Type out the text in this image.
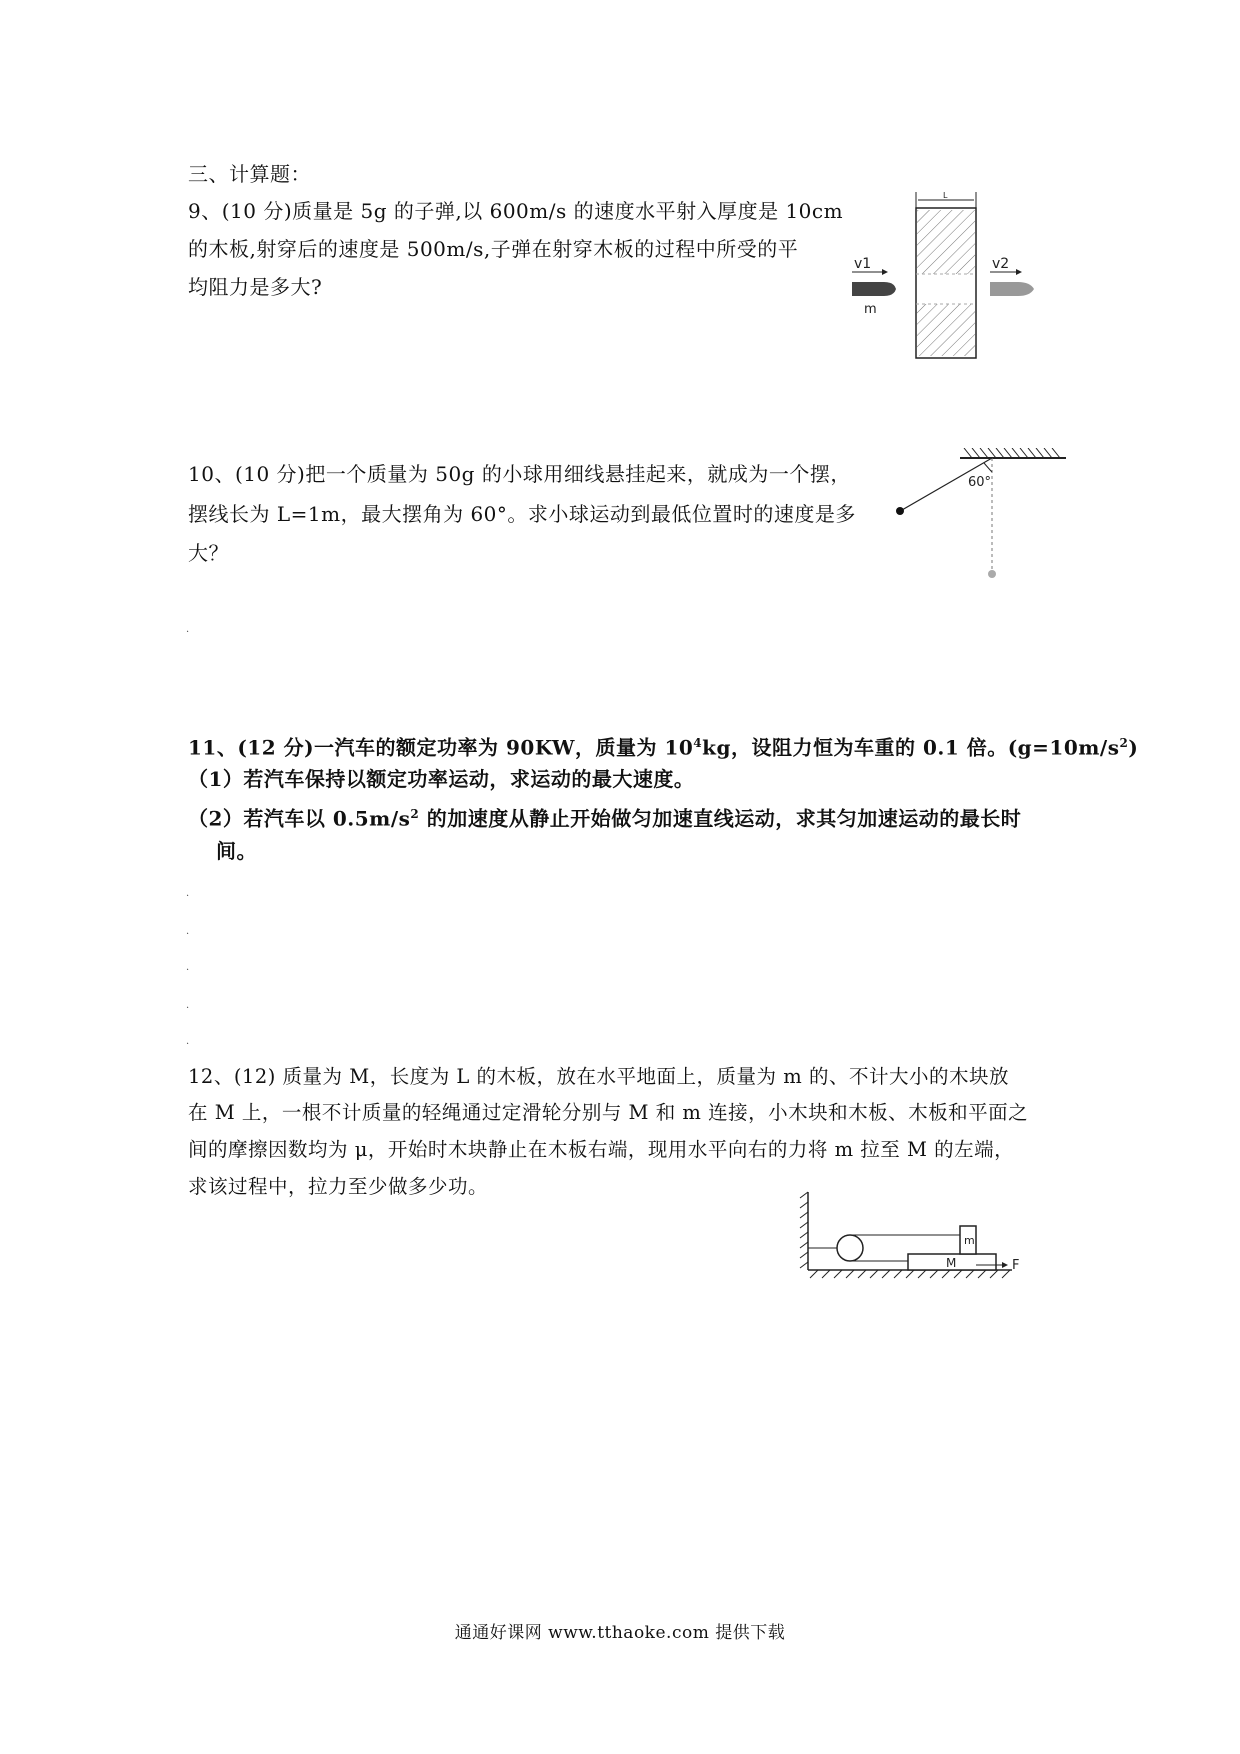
三、计算题：
9、(10 分)质量是 5g 的子弹,以 600m/s 的速度水平射入厚度是 10cm
的木板,射穿后的速度是 500m/s,子弹在射穿木板的过程中所受的平
均阻力是多大?
L
v1
m
v2
10、(10 分)把一个质量为 50g 的小球用细线悬挂起来，就成为一个摆，
摆线长为 L=1m，最大摆角为 60°。求小球运动到最低位置时的速度是多
大？
60°
·
11、(12 分)一汽车的额定功率为 90KW，质量为 $10^4kg$，设阻力恒为车重的 0.1 倍。$(g=10m/s^2)$
（1）若汽车保持以额定功率运动，求运动的最大速度。
（2）若汽车以 $0.5m/s^2$ 的加速度从静止开始做匀加速直线运动，求其匀加速运动的最长时
间。
·
·
·
·
·
12、(12) 质量为 M，长度为 L 的木板，放在水平地面上，质量为 m 的、不计大小的木块放
在 M 上，一根不计质量的轻绳通过定滑轮分别与 M 和 m 连接，小木块和木板、木板和平面之
间的摩擦因数均为 μ，开始时木块静止在木板右端，现用水平向右的力将 m 拉至 M 的左端，
求该过程中，拉力至少做多少功。
M
m
F
通通好课网 www.tthaoke.com 提供下载
